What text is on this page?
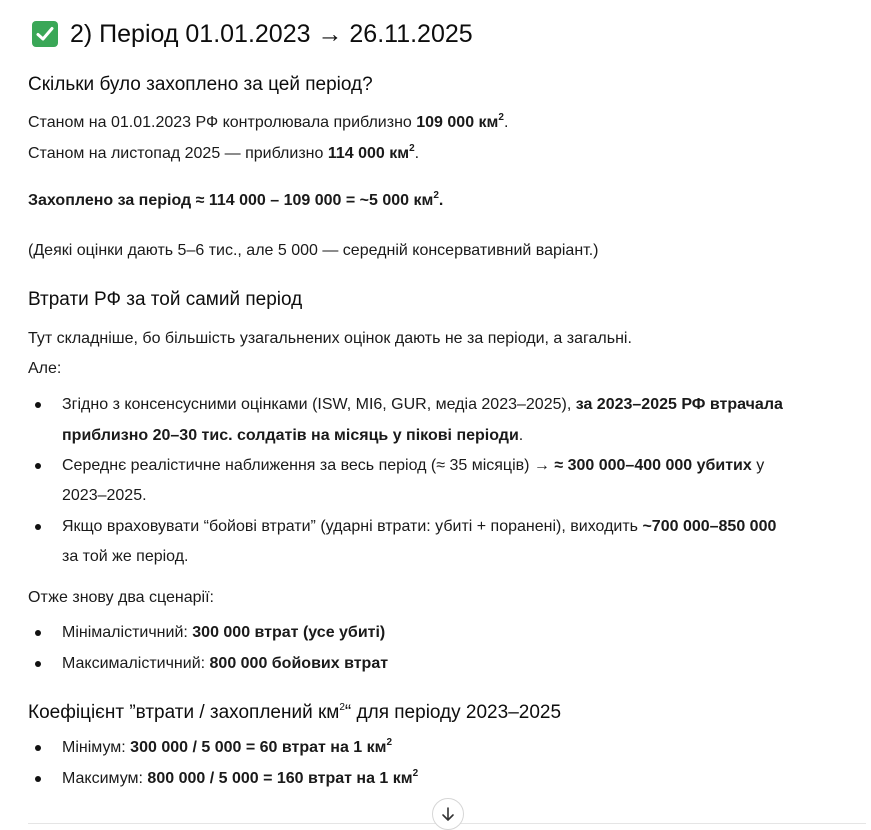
2) Період 01.01.2023 → 26.11.2025
Скільки було захоплено за цей період?
Станом на 01.01.2023 РФ контролювала приблизно 109 000 $км^2$.
Станом на листопад 2025 — приблизно 114 000 $км^2$.
Захоплено за період ≈ 114 000 – 109 000 = ~5 000 $км^2$.
(Деякі оцінки дають 5–6 тис., але 5 000 — середній консервативний варіант.)
Втрати РФ за той самий період
Тут складніше, бо більшість узагальнених оцінок дають не за періоди, а загальні.
Але:
Згідно з консенсусними оцінками (ISW, MI6, GUR, медіа 2023–2025), за 2023–2025 РФ втрачала
приблизно 20–30 тис. солдатів на місяць у пікові періоди.
Середнє реалістичне наближення за весь період (≈ 35 місяців) → ≈ 300 000–400 000 убитих у
2023–2025.
Якщо враховувати “бойові втрати” (ударні втрати: убиті + поранені), виходить ~700 000–850 000
за той же період.
Отже знову два сценарії:
Мінімалістичний: 300 000 втрат (усе убиті)
Максималістичний: 800 000 бойових втрат
Коефіцієнт ”втрати / захоплений $км^2“$ для періоду 2023–2025
Мінімум: 300 000 / 5 000 = 60 втрат на 1 $км^2$
Максимум: 800 000 / 5 000 = 160 втрат на 1 $км^2$
